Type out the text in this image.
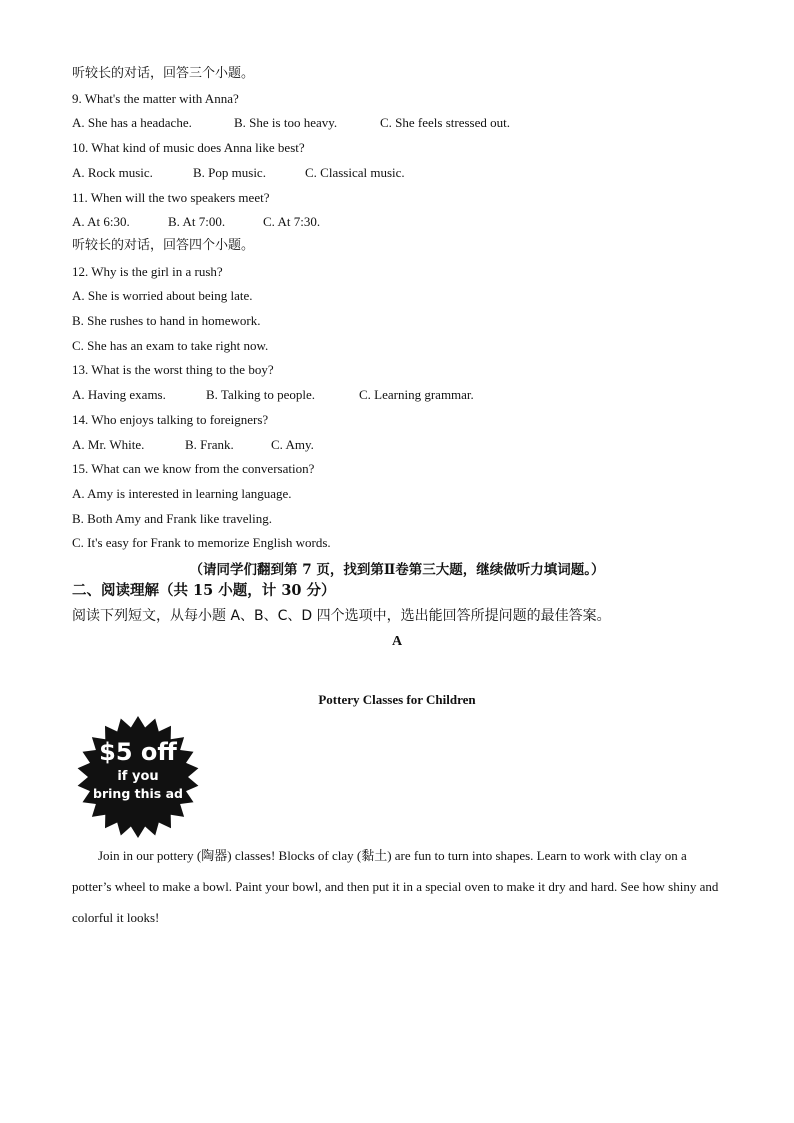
听较长的对话，回答三个小题。
9. What's the matter with Anna?
A. She has a headache.	B. She is too heavy.	C. She feels stressed out.
10. What kind of music does Anna like best?
A. Rock music.	B. Pop music.	C. Classical music.
11. When will the two speakers meet?
A. At 6:30.	B. At 7:00.	C. At 7:30.
听较长的对话，回答四个小题。
12. Why is the girl in a rush?
A. She is worried about being late.
B. She rushes to hand in homework.
C. She has an exam to take right now.
13. What is the worst thing to the boy?
A. Having exams.	B. Talking to people.	C. Learning grammar.
14. Who enjoys talking to foreigners?
A. Mr. White.	B. Frank.	C. Amy.
15. What can we know from the conversation?
A. Amy is interested in learning language.
B. Both Amy and Frank like traveling.
C. It's easy for Frank to memorize English words.
（请同学们翻到第 7 页，找到第Ⅱ卷第三大题，继续做听力填词题。）
二、阅读理解（共 15 小题，计 30 分）
阅读下列短文，从每小题 A、B、C、D 四个选项中，选出能回答所提问题的最佳答案。
A
Pottery Classes for Children
$5 off
if you
bring this ad
Join in our pottery (陶器) classes! Blocks of clay (黏土) are fun to turn into shapes. Learn to work with clay on a potter’s wheel to make a bowl. Paint your bowl, and then put it in a special oven to make it dry and hard. See how shiny and colorful it looks!
